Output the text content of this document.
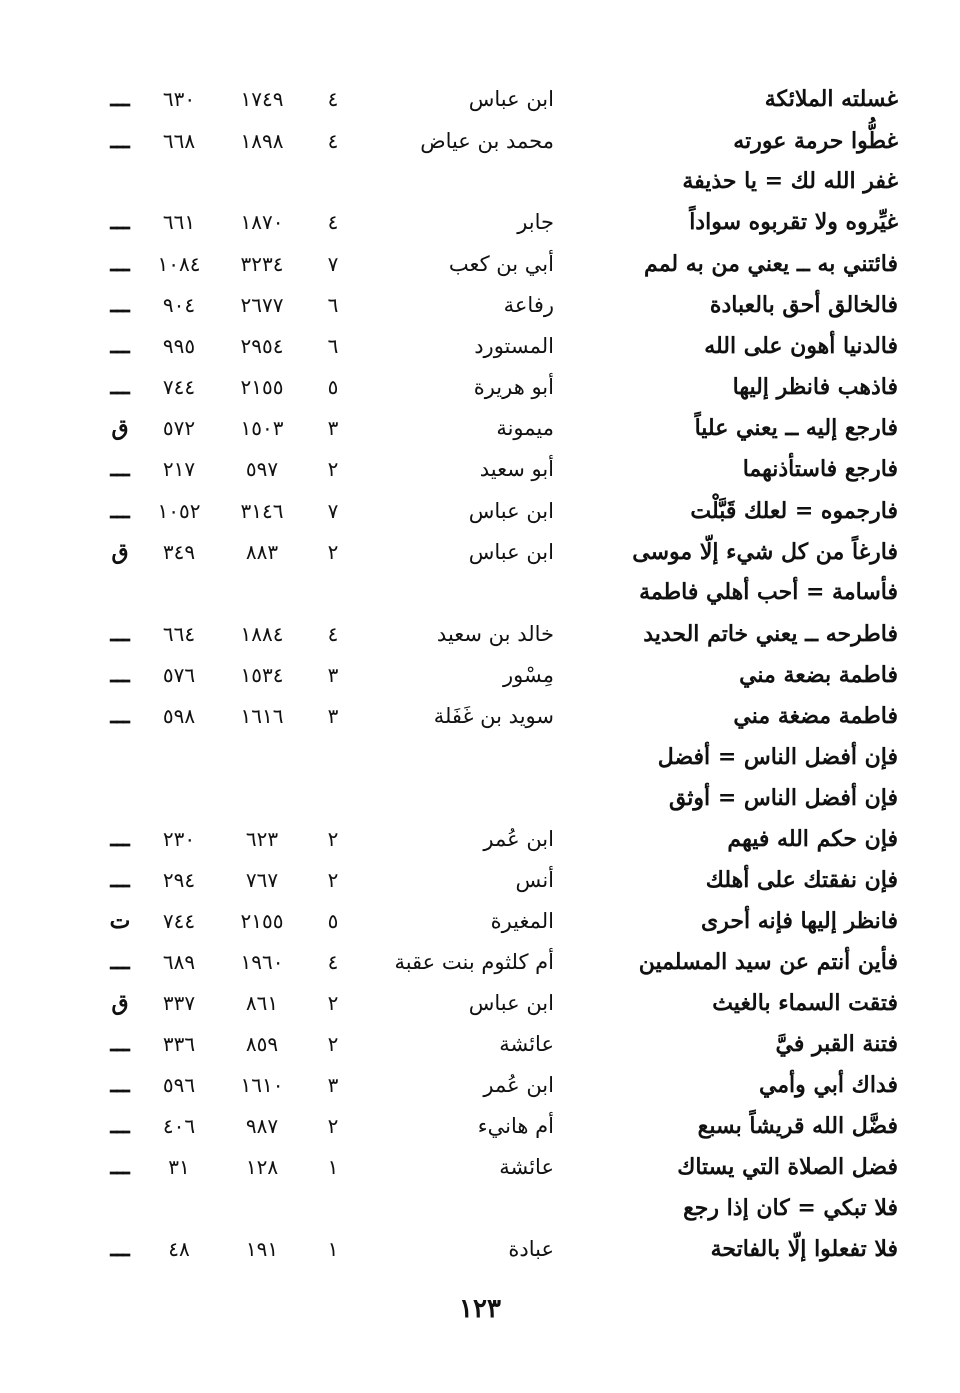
غسلته الملائكة
ابن عباس
٤
١٧٤٩
٦٣٠
ـــ
غطُّوا حرمة عورته
محمد بن عياض
٤
١٨٩٨
٦٦٨
ـــ
غفر الله لك = يا حذيفة
غيِّروه ولا تقربوه سواداً
جابر
٤
١٨٧٠
٦٦١
ـــ
فائتني به ــ يعني من به لمم
أبي بن كعب
٧
٣٢٣٤
١٠٨٤
ـــ
فالخالق أحق بالعبادة
رفاعة
٦
٢٦٧٧
٩٠٤
ـــ
فالدنيا أهون على الله
المستورد
٦
٢٩٥٤
٩٩٥
ـــ
فاذهب فانظر إليها
أبو هريرة
٥
٢١٥٥
٧٤٤
ـــ
فارجع إليه ــ يعني علياً
ميمونة
٣
١٥٠٣
٥٧٢
ق
فارجع فاستأذنهما
أبو سعيد
٢
٥٩٧
٢١٧
ـــ
فارجموه = لعلك قَبَّلْت
ابن عباس
٧
٣١٤٦
١٠٥٢
ـــ
فارغاً من كل شيء إلّا موسى
ابن عباس
٢
٨٨٣
٣٤٩
ق
فأسامة = أحب أهلي فاطمة
فاطرحه ــ يعني خاتم الحديد
خالد بن سعيد
٤
١٨٨٤
٦٦٤
ـــ
فاطمة بضعة مني
مِسْور
٣
١٥٣٤
٥٧٦
ـــ
فاطمة مضغة مني
سويد بن غَفَلة
٣
١٦١٦
٥٩٨
ـــ
فإن أفضل الناس = أفضل
فإن أفضل الناس = أوثق
فإن حكم الله فيهم
ابن عُمر
٢
٦٢٣
٢٣٠
ـــ
فإن نفقتك على أهلك
أنس
٢
٧٦٧
٢٩٤
ـــ
فانظر إليها فإنه أحرى
المغيرة
٥
٢١٥٥
٧٤٤
ت
فأين أنتم عن سيد المسلمين
أم كلثوم بنت عقبة
٤
١٩٦٠
٦٨٩
ـــ
فتقت السماء بالغيث
ابن عباس
٢
٨٦١
٣٣٧
ق
فتنة القبر فيَّ
عائشة
٢
٨٥٩
٣٣٦
ـــ
فداك أبي وأمي
ابن عُمر
٣
١٦١٠
٥٩٦
ـــ
فضَّل الله قريشاً بسبع
أم هانيء
٢
٩٨٧
٤٠٦
ـــ
فضل الصلاة التي يستاك
عائشة
١
١٢٨
٣١
ـــ
فلا تبكي = كان إذا رجع
فلا تفعلوا إلّا بالفاتحة
عبادة
١
١٩١
٤٨
ـــ
١٢٣
